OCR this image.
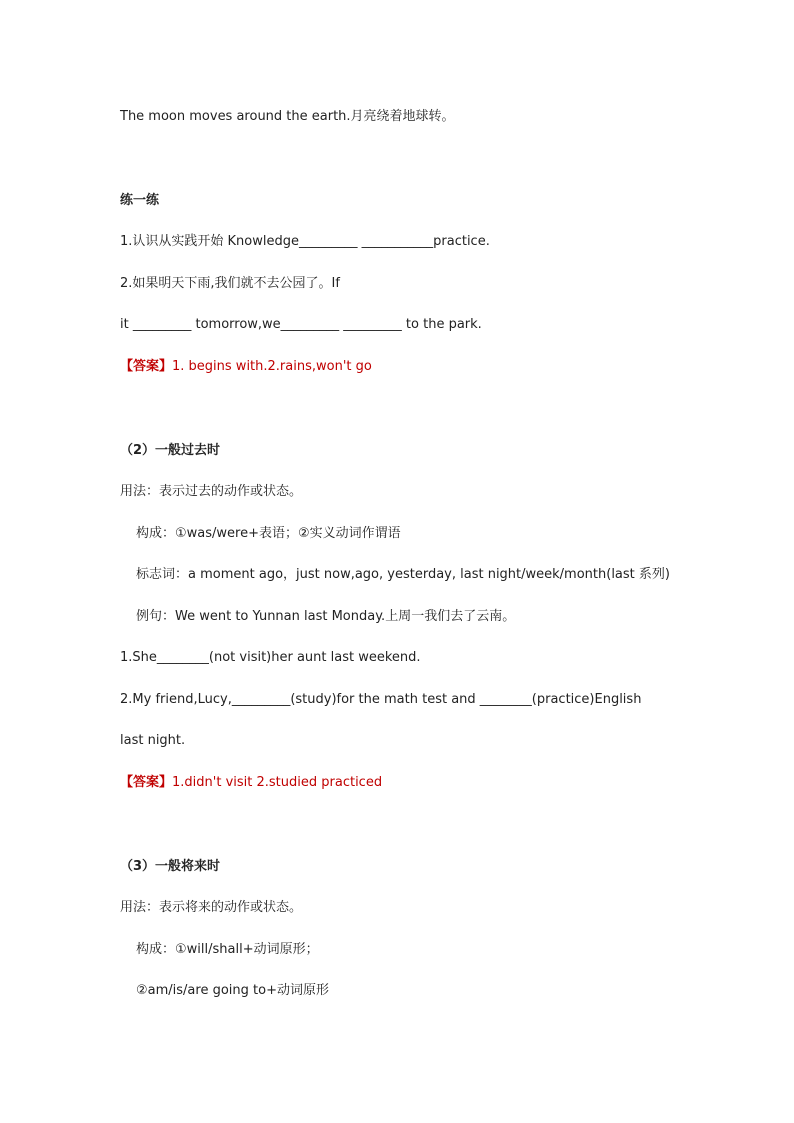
The moon moves around the earth.月亮绕着地球转。
练一练
1.认识从实践开始 Knowledge_________ ___________practice.
2.如果明天下雨,我们就不去公园了。If
it _________ tomorrow,we_________ _________ to the park.
【答案】1. begins with.2.rains,won't go
（2）一般过去时
用法：表示过去的动作或状态。
构成：①was/were+表语；②实义动词作谓语
标志词：a moment ago，just now,ago, yesterday, last night/week/month(last 系列)
例句：We went to Yunnan last Monday.上周一我们去了云南。
1.She________(not visit)her aunt last weekend.
2.My friend,Lucy,_________(study)for the math test and ________(practice)English
last night.
【答案】1.didn't visit 2.studied practiced
（3）一般将来时
用法：表示将来的动作或状态。
构成：①will/shall+动词原形；
②am/is/are going to+动词原形
